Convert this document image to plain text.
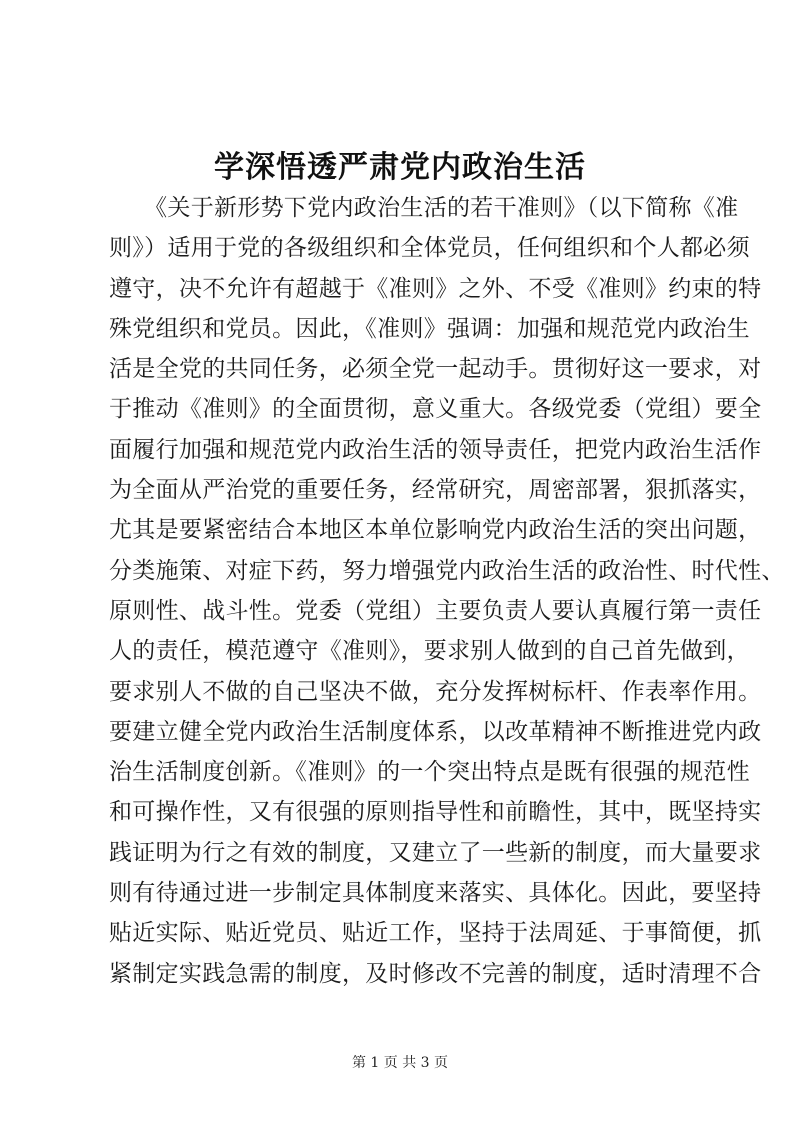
学深悟透严肃党内政治生活
　　《关于新形势下党内政治生活的若干准则》（以下简称《准
则》）适用于党的各级组织和全体党员，任何组织和个人都必须
遵守，决不允许有超越于《准则》之外、不受《准则》约束的特
殊党组织和党员。因此，《准则》强调：加强和规范党内政治生
活是全党的共同任务，必须全党一起动手。贯彻好这一要求，对
于推动《准则》的全面贯彻，意义重大。各级党委（党组）要全
面履行加强和规范党内政治生活的领导责任，把党内政治生活作
为全面从严治党的重要任务，经常研究，周密部署，狠抓落实，
尤其是要紧密结合本地区本单位影响党内政治生活的突出问题，
分类施策、对症下药，努力增强党内政治生活的政治性、时代性、
原则性、战斗性。党委（党组）主要负责人要认真履行第一责任
人的责任，模范遵守《准则》，要求别人做到的自己首先做到，
要求别人不做的自己坚决不做，充分发挥树标杆、作表率作用。
要建立健全党内政治生活制度体系，以改革精神不断推进党内政
治生活制度创新。《准则》的一个突出特点是既有很强的规范性
和可操作性，又有很强的原则指导性和前瞻性，其中，既坚持实
践证明为行之有效的制度，又建立了一些新的制度，而大量要求
则有待通过进一步制定具体制度来落实、具体化。因此，要坚持
贴近实际、贴近党员、贴近工作，坚持于法周延、于事简便，抓
紧制定实践急需的制度，及时修改不完善的制度，适时清理不合
第 1 页 共 3 页
